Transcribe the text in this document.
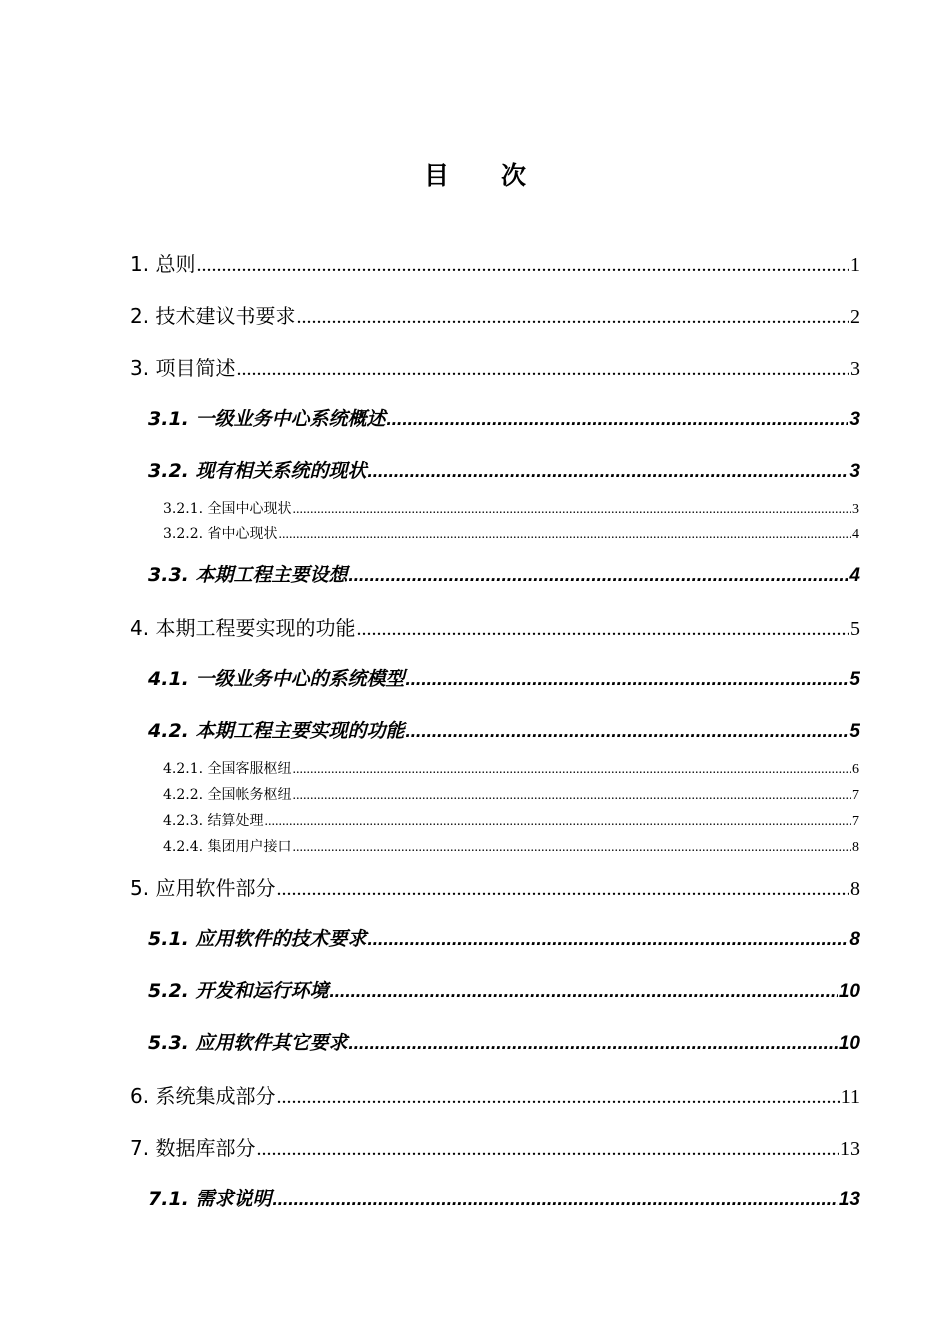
目 次
1. 总则 .....	1
2. 技术建议书要求 .....	2
3. 项目简述 .....	3
3.1. 一级业务中心系统概述 .....	3
3.2. 现有相关系统的现状 .....	3
3.2.1. 全国中心现状 .....	3
3.2.2. 省中心现状 .....	4
3.3. 本期工程主要设想 .....	4
4. 本期工程要实现的功能 .....	5
4.1. 一级业务中心的系统模型 .....	5
4.2. 本期工程主要实现的功能 .....	5
4.2.1. 全国客服枢纽 .....	6
4.2.2. 全国帐务枢纽 .....	7
4.2.3. 结算处理 .....	7
4.2.4. 集团用户接口 .....	8
5. 应用软件部分 .....	8
5.1. 应用软件的技术要求 .....	8
5.2. 开发和运行环境 .....	10
5.3. 应用软件其它要求 .....	10
6. 系统集成部分 .....	11
7. 数据库部分 .....	13
7.1. 需求说明 .....	13
